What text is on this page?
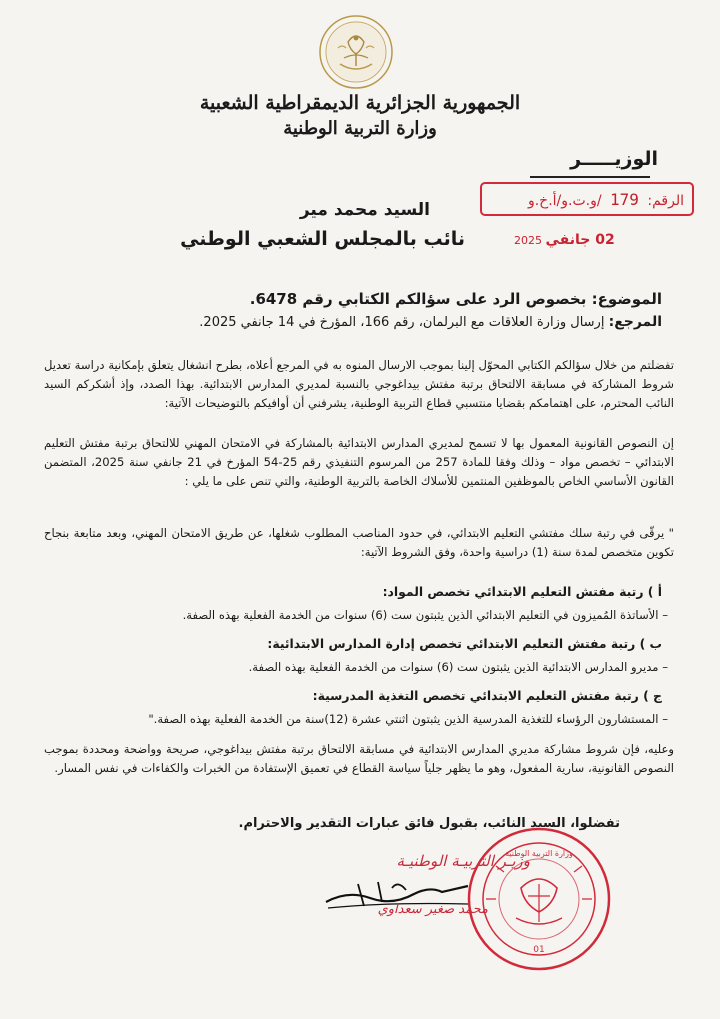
الجمهورية الجزائرية الديمقراطية الشعبية
وزارة التربية الوطنية
الوزيـــــر
الرقم: 179 /و.ت.و/أ.خ.و
02 جانفي 2025
السيد محمد مير
نائب بالمجلس الشعبي الوطني
الموضوع: بخصوص الرد على سؤالكم الكتابي رقم 6478.
المرجع: إرسال وزارة العلاقات مع البرلمان، رقم 166، المؤرخ في 14 جانفي 2025.
تفضلتم من خلال سؤالكم الكتابي المحوّل إلينا بموجب الارسال المنوه به في المرجع أعلاه، بطرح انشغال يتعلق بإمكانية دراسة تعديل شروط المشاركة في مسابقة الالتحاق برتبة مفتش بيداغوجي بالنسبة لمديري المدارس الابتدائية. بهذا الصدد، وإذ أشكركم السيد النائب المحترم، على اهتمامكم بقضايا منتسبي قطاع التربية الوطنية، يشرفني أن أوافيكم بالتوضيحات الآتية:
إن النصوص القانونية المعمول بها لا تسمح لمديري المدارس الابتدائية بالمشاركة في الامتحان المهني للالتحاق برتبة مفتش التعليم الابتدائي – تخصص مواد – وذلك وفقا للمادة 257 من المرسوم التنفيذي رقم 25-54 المؤرخ في 21 جانفي سنة 2025، المتضمن القانون الأساسي الخاص بالموظفين المنتمين للأسلاك الخاصة بالتربية الوطنية، والتي تنص على ما يلي :
" يرقّى في رتبة سلك مفتشي التعليم الابتدائي، في حدود المناصب المطلوب شغلها، عن طريق الامتحان المهني، وبعد متابعة بنجاح تكوين متخصص لمدة سنة (1) دراسية واحدة، وفق الشروط الآتية:
أ ) رتبة مفتش التعليم الابتدائي تخصص المواد:
– الأساتذة المُميزون في التعليم الابتدائي الذين يثبتون ست (6) سنوات من الخدمة الفعلية بهذه الصفة.
ب ) رتبة مفتش التعليم الابتدائي تخصص إدارة المدارس الابتدائية:
– مديرو المدارس الابتدائية الذين يثبتون ست (6) سنوات من الخدمة الفعلية بهذه الصفة.
ج ) رتبة مفتش التعليم الابتدائي تخصص التغذية المدرسية:
– المستشارون الرؤساء للتغذية المدرسية الذين يثبتون اثنتي عشرة (12)سنة من الخدمة الفعلية بهذه الصفة."
وعليه، فإن شروط مشاركة مديري المدارس الابتدائية في مسابقة الالتحاق برتبة مفتش بيداغوجي، صريحة وواضحة ومحددة بموجب النصوص القانونية، سارية المفعول، وهو ما يظهر جلياً سياسة القطاع في تعميق الإستفادة من الخبرات والكفاءات في نفس المسار.
تفضلوا، السيد النائب، بقبول فائق عبارات التقدير والاحترام.
وزيـر التربيـة الوطنيـة
محمد صغير سعداوي
01
وزارة التربية الوطنية
